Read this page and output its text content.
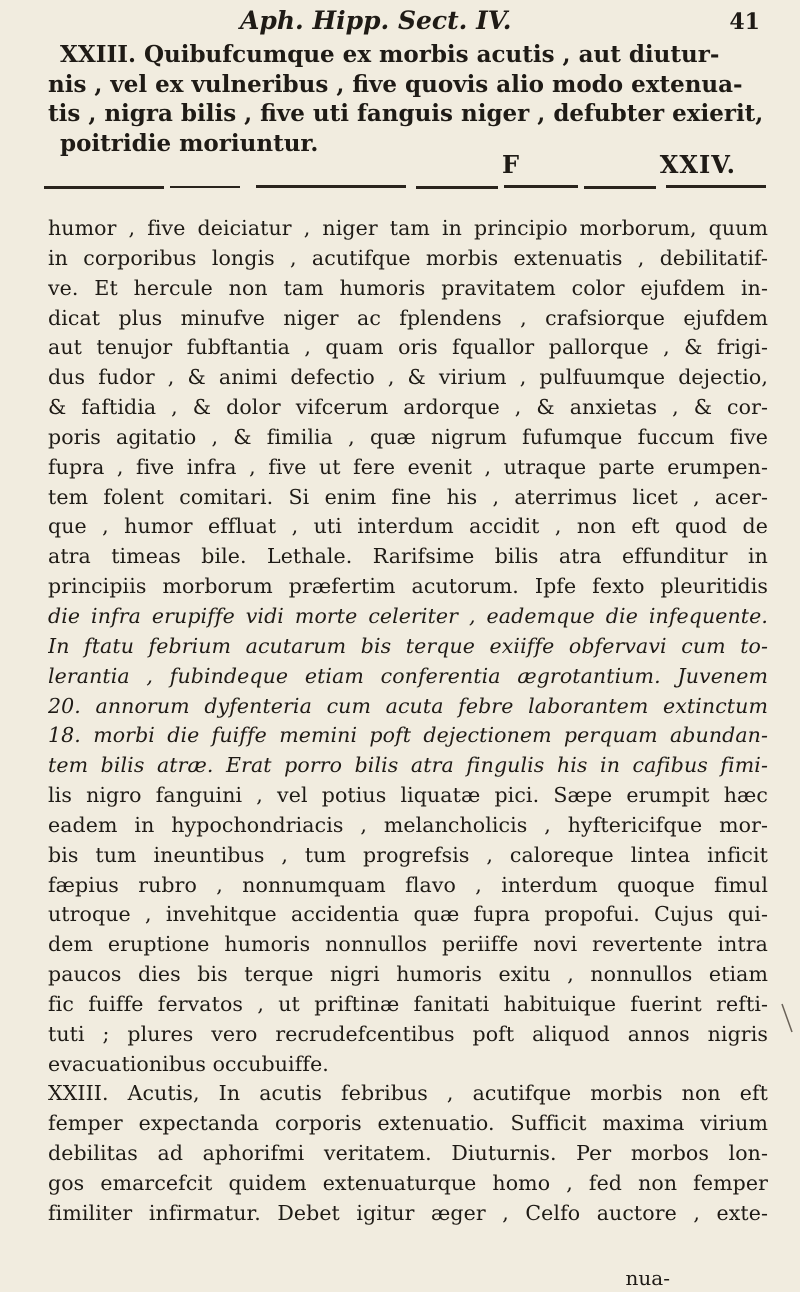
Aph. Hipp. Sect. IV.	41

XXIII. Quibufcumque ex morbis acutis , aut diutur-
nis , vel ex vulneribus , five quovis alio modo extenua-
tis , nigra bilis , five uti fanguis niger , defubter exierit,
poitridie moriuntur.

F	XXIV.
humor , five deiciatur , niger tam in principio morborum, quum
in corporibus longis , acutifque morbis extenuatis , debilitatif-
ve. Et hercule non tam humoris pravitatem color ejufdem in-
dicat plus minufve niger ac fplendens , crafsiorque ejufdem
aut tenujor fubftantia , quam oris fquallor pallorque , & frigi-
dus fudor , & animi defectio , & virium , pulfuumque dejectio,
& faftidia , & dolor vifcerum ardorque , & anxietas , & cor-
poris agitatio , & fimilia , quæ nigrum fufumque fuccum five
fupra , five infra , five ut fere evenit , utraque parte erumpen-
tem folent comitari. Si enim fine his , aterrimus licet , acer-
que , humor effluat , uti interdum accidit , non eft quod de
atra timeas bile. Lethale. Rarifsime bilis atra effunditur in
principiis morborum præfertim acutorum. Ipfe fexto pleuritidis
die infra erupiffe vidi morte celeriter , eademque die infequente.
In ftatu febrium acutarum bis terque exiiffe obfervavi cum to-
lerantia , fubindeque etiam conferentia ægrotantium. Juvenem
20. annorum dyfenteria cum acuta febre laborantem extinctum
18. morbi die fuiffe memini poft dejectionem perquam abundan-
tem bilis atræ. Erat porro bilis atra fingulis his in cafibus fimi-
lis nigro fanguini , vel potius liquatæ pici. Sæpe erumpit hæc
eadem in hypochondriacis , melancholicis , hyftericifque mor-
bis tum ineuntibus , tum progrefsis , caloreque lintea inficit
fæpius rubro , nonnumquam flavo , interdum quoque fimul
utroque , invehitque accidentia quæ fupra propofui. Cujus qui-
dem eruptione humoris nonnullos periiffe novi revertente intra
paucos dies bis terque nigri humoris exitu , nonnullos etiam
fic fuiffe fervatos , ut priftinæ fanitati habituique fuerint refti-
tuti ; plures vero recrudefcentibus poft aliquod annos nigris
evacuationibus occubuiffe.
XXIII. Acutis, In acutis febribus , acutifque morbis non eft
femper expectanda corporis extenuatio. Sufficit maxima virium
debilitas ad aphorifmi veritatem. Diuturnis. Per morbos lon-
gos emarcefcit quidem extenuaturque homo , fed non femper
fimiliter infirmatur. Debet igitur æger , Celfo auctore , exte-
nua-
